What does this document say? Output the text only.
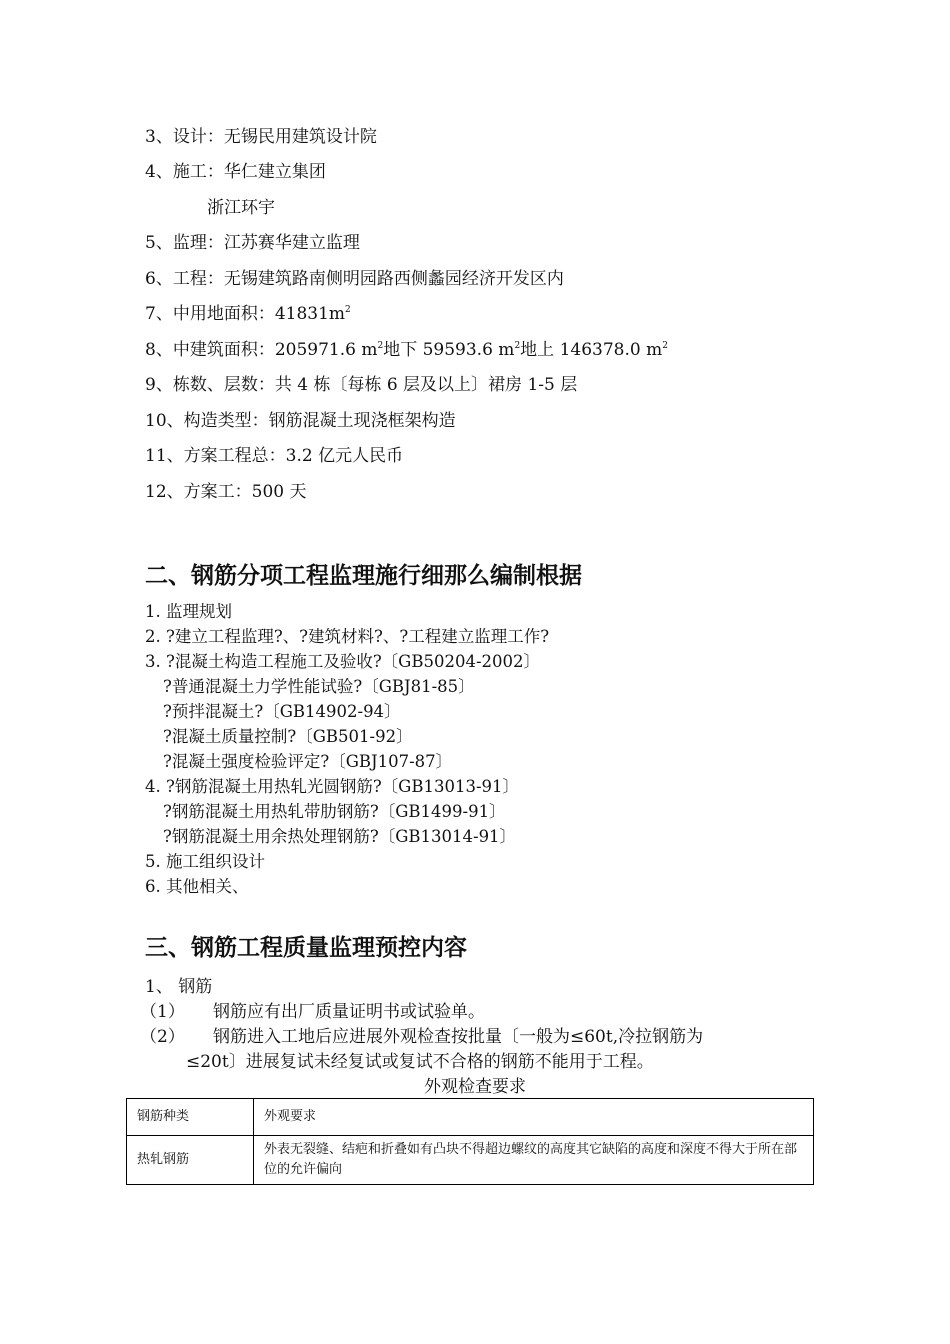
3、设计：无锡民用建筑设计院
4、施工：华仁建立集团
浙江环宇
5、监理：江苏赛华建立监理
6、工程：无锡建筑路南侧明园路西侧蠡园经济开发区内
7、中用地面积：$41831m^2$
8、中建筑面积：205971.6 $m^2$地下 59593.6 $m^2$地上 146378.0 $m^2$
9、栋数、层数：共 4 栋〔每栋 6 层及以上〕裙房 1-5 层
10、构造类型：钢筋混凝土现浇框架构造
11、方案工程总：3.2 亿元人民币
12、方案工：500 天
二、钢筋分项工程监理施行细那么编制根据
1. 监理规划
2. ?建立工程监理?、?建筑材料?、?工程建立监理工作?
3. ?混凝土构造工程施工及验收?〔GB50204-2002〕
?普通混凝土力学性能试验?〔GBJ81-85〕
?预拌混凝土?〔GB14902-94〕
?混凝土质量控制?〔GB501-92〕
?混凝土强度检验评定?〔GBJ107-87〕
4. ?钢筋混凝土用热轧光圆钢筋?〔GB13013-91〕
?钢筋混凝土用热轧带肋钢筋?〔GB1499-91〕
?钢筋混凝土用余热处理钢筋?〔GB13014-91〕
5. 施工组织设计
6. 其他相关、
三、钢筋工程质量监理预控内容
1、 钢筋
（1） 钢筋应有出厂质量证明书或试验单。
（2） 钢筋进入工地后应进展外观检查按批量〔一般为≤60t,冷拉钢筋为
≤20t〕进展复试未经复试或复试不合格的钢筋不能用于工程。
外观检查要求
钢筋种类	外观要求
热轧钢筋	外表无裂缝、结疤和折叠如有凸块不得超边螺纹的高度其它缺陷的高度和深度不得大于所在部位的允许偏向
